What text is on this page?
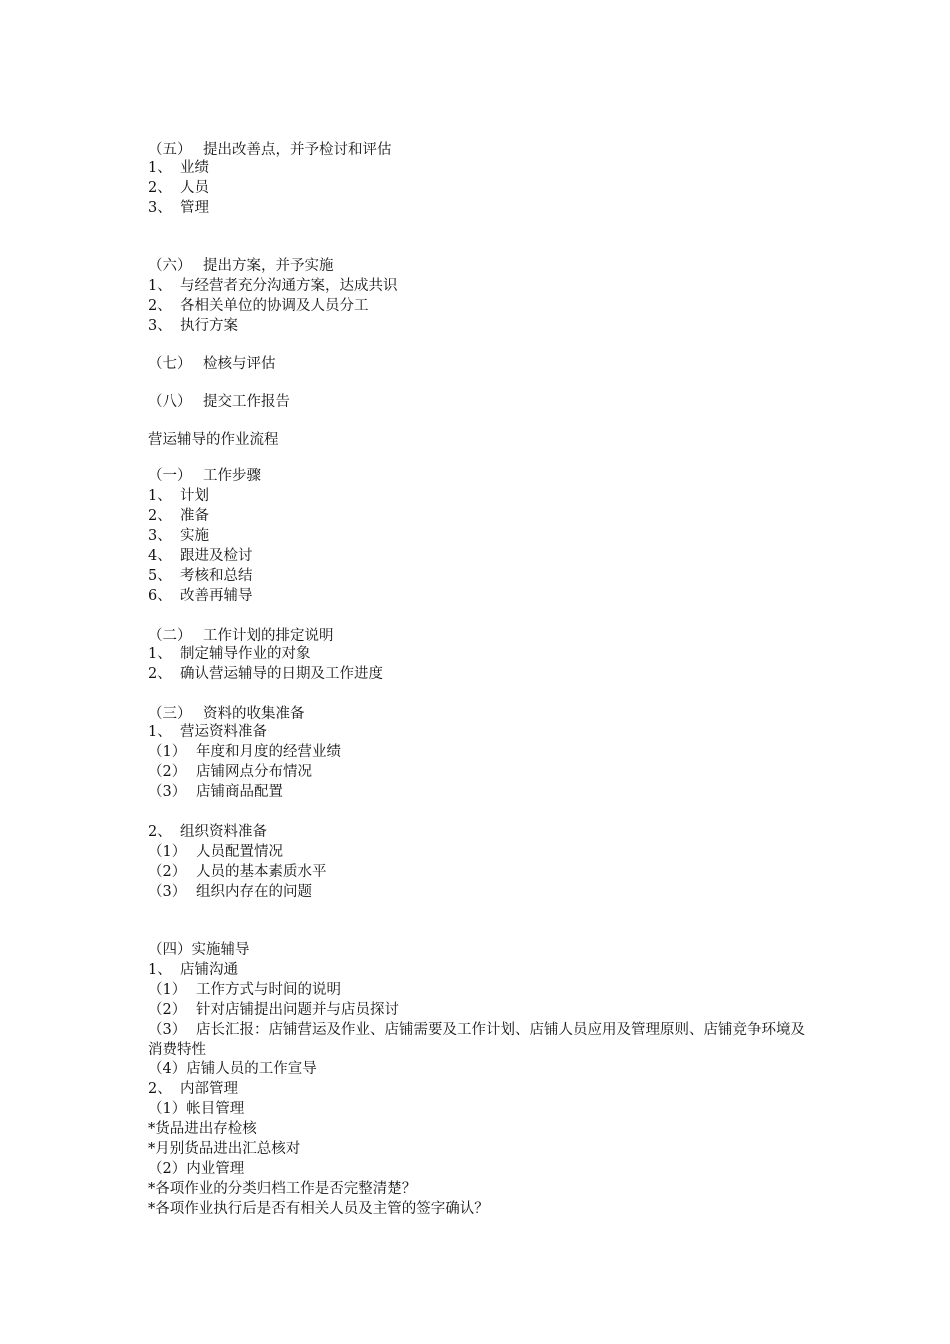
（五） 提出改善点，并予检讨和评估
1、 业绩
2、 人员
3、 管理
（六） 提出方案，并予实施
1、 与经营者充分沟通方案，达成共识
2、 各相关单位的协调及人员分工
3、 执行方案
（七） 检核与评估
（八） 提交工作报告
营运辅导的作业流程
（一） 工作步骤
1、 计划
2、 准备
3、 实施
4、 跟进及检讨
5、 考核和总结
6、 改善再辅导
（二） 工作计划的排定说明
1、 制定辅导作业的对象
2、 确认营运辅导的日期及工作进度
（三） 资料的收集准备
1、 营运资料准备
（1） 年度和月度的经营业绩
（2） 店铺网点分布情况
（3） 店铺商品配置
2、 组织资料准备
（1） 人员配置情况
（2） 人员的基本素质水平
（3） 组织内存在的问题
（四）实施辅导
1、 店铺沟通
（1） 工作方式与时间的说明
（2） 针对店铺提出问题并与店员探讨
（3） 店长汇报：店铺营运及作业、店铺需要及工作计划、店铺人员应用及管理原则、店铺竞争环境及消费特性
（4）店铺人员的工作宣导
2、 内部管理
（1）帐目管理
*货品进出存检核
*月别货品进出汇总核对
（2）内业管理
*各项作业的分类归档工作是否完整清楚？
*各项作业执行后是否有相关人员及主管的签字确认？
